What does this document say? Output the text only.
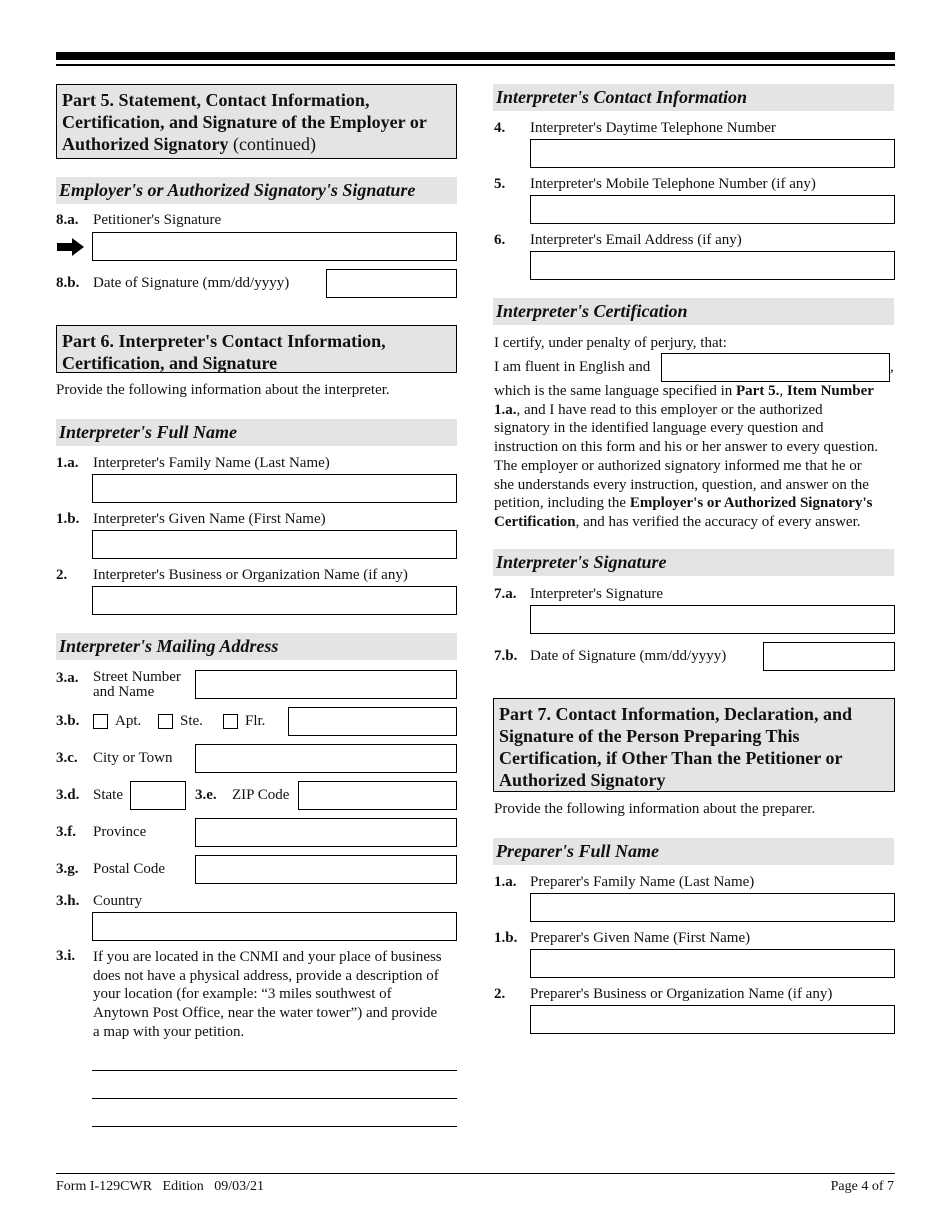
Part 5. Statement, Contact Information, Certification, and Signature of the Employer or Authorized Signatory (continued)
Employer's or Authorized Signatory's Signature
8.a. Petitioner's Signature
8.b. Date of Signature (mm/dd/yyyy)
Part 6. Interpreter's Contact Information, Certification, and Signature
Provide the following information about the interpreter.
Interpreter's Full Name
1.a. Interpreter's Family Name (Last Name)
1.b. Interpreter's Given Name (First Name)
2. Interpreter's Business or Organization Name (if any)
Interpreter's Mailing Address
3.a. Street Number
and Name
3.b. Apt.	Ste.	Flr.
3.c. City or Town
3.d. State	3.e. ZIP Code
3.f. Province
3.g. Postal Code
3.h. Country
3.i. If you are located in the CNMI and your place of business
does not have a physical address, provide a description of
your location (for example: “3 miles southwest of
Anytown Post Office, near the water tower”) and provide
a map with your petition.
Interpreter's Contact Information
4. Interpreter's Daytime Telephone Number
5. Interpreter's Mobile Telephone Number (if any)
6. Interpreter's Email Address (if any)
Interpreter's Certification
I certify, under penalty of perjury, that:
I am fluent in English and	,
which is the same language specified in Part 5., Item Number
1.a., and I have read to this employer or the authorized
signatory in the identified language every question and
instruction on this form and his or her answer to every question.
The employer or authorized signatory informed me that he or
she understands every instruction, question, and answer on the
petition, including the Employer's or Authorized Signatory's
Certification, and has verified the accuracy of every answer.
Interpreter's Signature
7.a. Interpreter's Signature
7.b. Date of Signature (mm/dd/yyyy)
Part 7. Contact Information, Declaration, and Signature of the Person Preparing This Certification, if Other Than the Petitioner or Authorized Signatory
Provide the following information about the preparer.
Preparer's Full Name
1.a. Preparer's Family Name (Last Name)
1.b. Preparer's Given Name (First Name)
2. Preparer's Business or Organization Name (if any)
Form I-129CWR   Edition   09/03/21	Page 4 of 7
